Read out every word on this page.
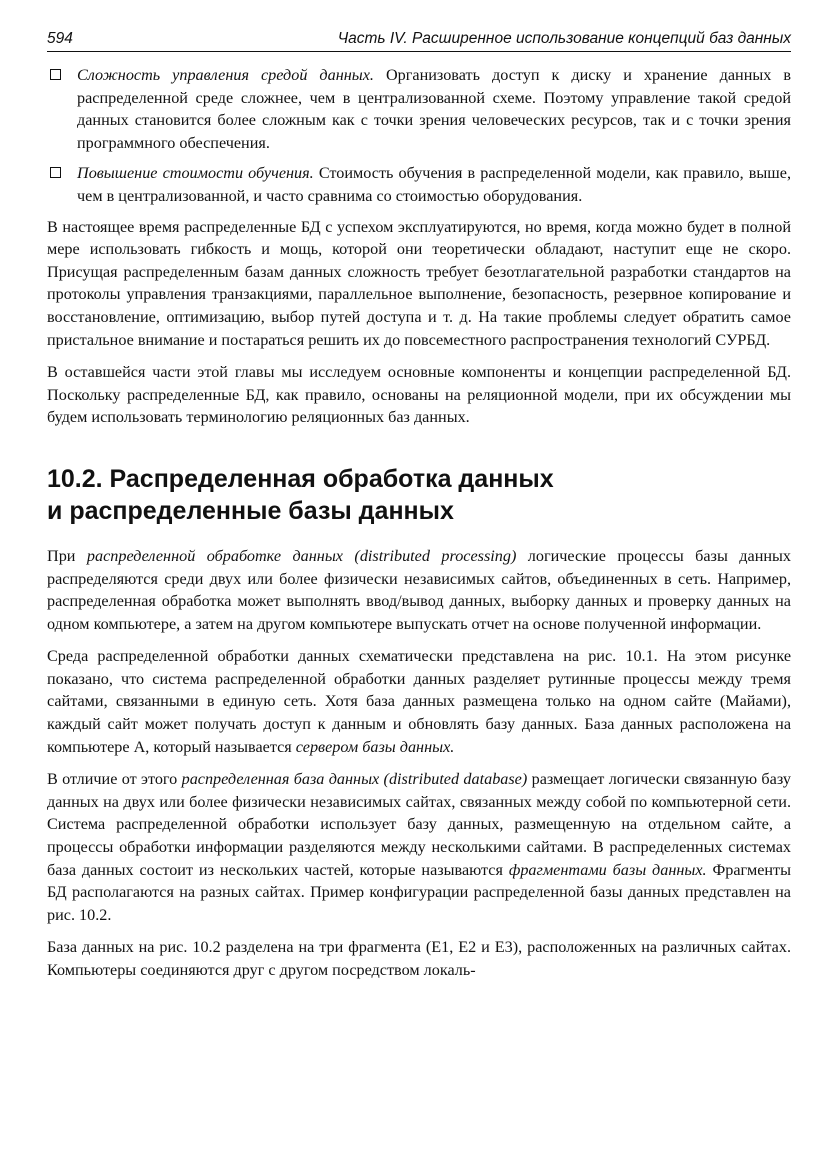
594	Часть IV. Расширенное использование концепций баз данных
Сложность управления средой данных. Организовать доступ к диску и хранение данных в распределенной среде сложнее, чем в централизованной схеме. Поэтому управление такой средой данных становится более сложным как с точки зрения человеческих ресурсов, так и с точки зрения программного обеспечения.
Повышение стоимости обучения. Стоимость обучения в распределенной модели, как правило, выше, чем в централизованной, и часто сравнима со стоимостью оборудования.

В настоящее время распределенные БД с успехом эксплуатируются, но время, когда можно будет в полной мере использовать гибкость и мощь, которой они теоретически обладают, наступит еще не скоро. Присущая распределенным базам данных сложность требует безотлагательной разработки стандартов на протоколы управления транзакциями, параллельное выполнение, безопасность, резервное копирование и восстановление, оптимизацию, выбор путей доступа и т. д. На такие проблемы следует обратить самое пристальное внимание и постараться решить их до повсеместного распространения технологий СУРБД.

В оставшейся части этой главы мы исследуем основные компоненты и концепции распределенной БД. Поскольку распределенные БД, как правило, основаны на реляционной модели, при их обсуждении мы будем использовать терминологию реляционных баз данных.

10.2. Распределенная обработка данных
и распределенные базы данных

При распределенной обработке данных (distributed processing) логические процессы базы данных распределяются среди двух или более физически независимых сайтов, объединенных в сеть. Например, распределенная обработка может выполнять ввод/вывод данных, выборку данных и проверку данных на одном компьютере, а затем на другом компьютере выпускать отчет на основе полученной информации.

Среда распределенной обработки данных схематически представлена на рис. 10.1. На этом рисунке показано, что система распределенной обработки данных разделяет рутинные процессы между тремя сайтами, связанными в единую сеть. Хотя база данных размещена только на одном сайте (Майами), каждый сайт может получать доступ к данным и обновлять базу данных. База данных расположена на компьютере A, который называется сервером базы данных.

В отличие от этого распределенная база данных (distributed database) размещает логически связанную базу данных на двух или более физически независимых сайтах, связанных между собой по компьютерной сети. Система распределенной обработки использует базу данных, размещенную на отдельном сайте, а процессы обработки информации разделяются между несколькими сайтами. В распределенных системах база данных состоит из нескольких частей, которые называются фрагментами базы данных. Фрагменты БД располагаются на разных сайтах. Пример конфигурации распределенной базы данных представлен на рис. 10.2.

База данных на рис. 10.2 разделена на три фрагмента (E1, E2 и E3), расположенных на различных сайтах. Компьютеры соединяются друг с другом посредством локаль-
